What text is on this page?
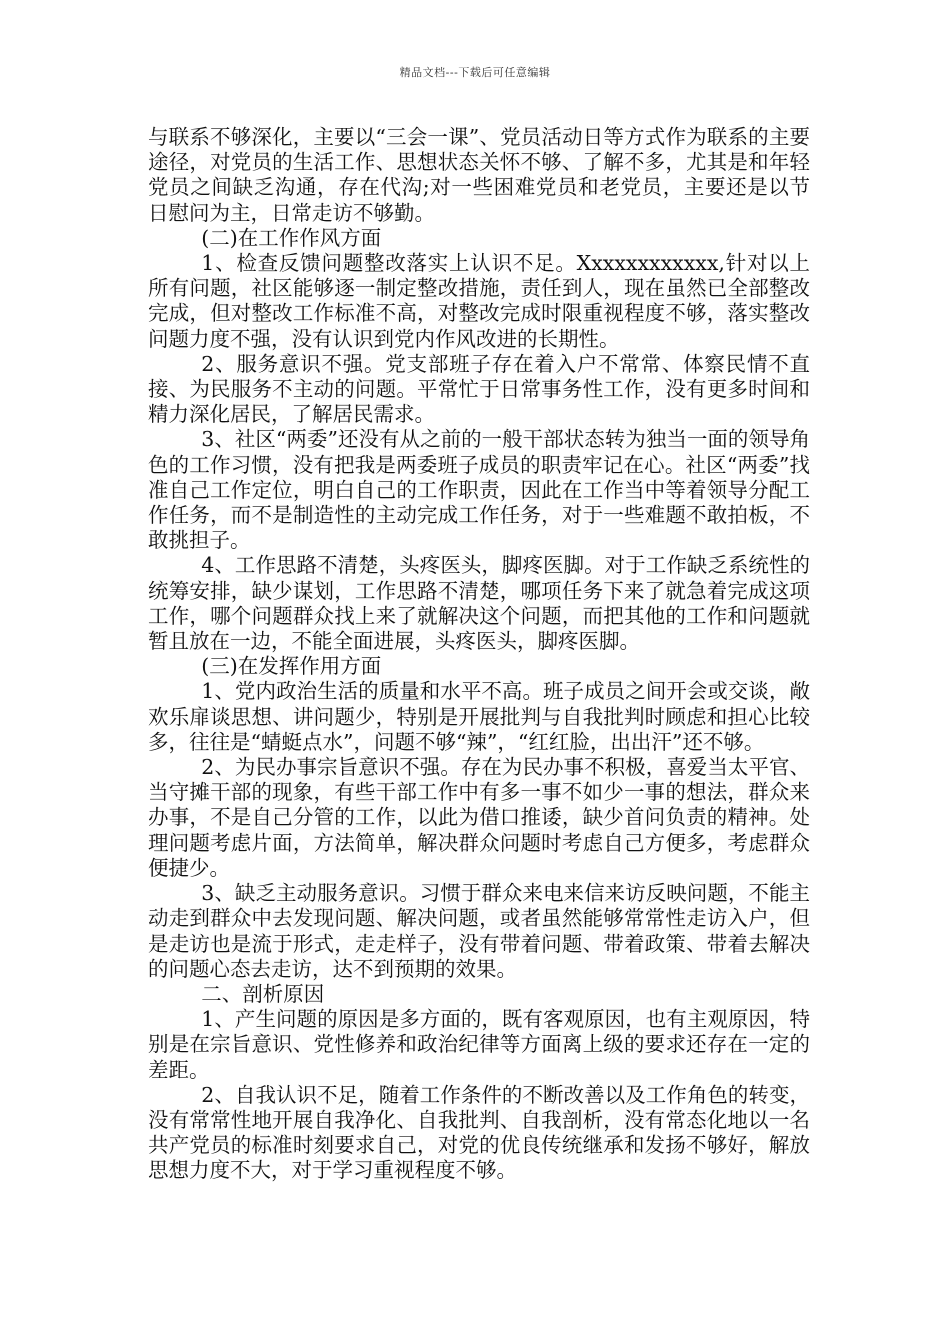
精品文档---下载后可任意编辑

与联系不够深化，主要以“三会一课”、党员活动日等方式作为联系的主要途径，对党员的生活工作、思想状态关怀不够、了解不多，尤其是和年轻党员之间缺乏沟通，存在代沟;对一些困难党员和老党员，主要还是以节日慰问为主，日常走访不够勤。

(二)在工作作风方面

1、检查反馈问题整改落实上认识不足。Xxxxxxxxxxxx,针对以上所有问题，社区能够逐一制定整改措施，责任到人，现在虽然已全部整改完成，但对整改工作标准不高，对整改完成时限重视程度不够，落实整改问题力度不强，没有认识到党内作风改进的长期性。

2、服务意识不强。党支部班子存在着入户不常常、体察民情不直接、为民服务不主动的问题。平常忙于日常事务性工作，没有更多时间和精力深化居民，了解居民需求。

3、社区“两委”还没有从之前的一般干部状态转为独当一面的领导角色的工作习惯，没有把我是两委班子成员的职责牢记在心。社区“两委”找准自己工作定位，明白自己的工作职责，因此在工作当中等着领导分配工作任务，而不是制造性的主动完成工作任务，对于一些难题不敢拍板，不敢挑担子。

4、工作思路不清楚，头疼医头，脚疼医脚。对于工作缺乏系统性的统筹安排，缺少谋划，工作思路不清楚，哪项任务下来了就急着完成这项工作，哪个问题群众找上来了就解决这个问题，而把其他的工作和问题就暂且放在一边，不能全面进展，头疼医头，脚疼医脚。

(三)在发挥作用方面

1、党内政治生活的质量和水平不高。班子成员之间开会或交谈，敞欢乐扉谈思想、讲问题少，特别是开展批判与自我批判时顾虑和担心比较多，往往是“蜻蜓点水”，问题不够“辣”，“红红脸，出出汗”还不够。

2、为民办事宗旨意识不强。存在为民办事不积极，喜爱当太平官、当守摊干部的现象，有些干部工作中有多一事不如少一事的想法，群众来办事，不是自己分管的工作，以此为借口推诿，缺少首问负责的精神。处理问题考虑片面，方法简单，解决群众问题时考虑自己方便多，考虑群众便捷少。

3、缺乏主动服务意识。习惯于群众来电来信来访反映问题，不能主动走到群众中去发现问题、解决问题，或者虽然能够常常性走访入户，但是走访也是流于形式，走走样子，没有带着问题、带着政策、带着去解决的问题心态去走访，达不到预期的效果。

二、剖析原因

1、产生问题的原因是多方面的，既有客观原因，也有主观原因，特别是在宗旨意识、党性修养和政治纪律等方面离上级的要求还存在一定的差距。

2、自我认识不足，随着工作条件的不断改善以及工作角色的转变，没有常常性地开展自我净化、自我批判、自我剖析，没有常态化地以一名共产党员的标准时刻要求自己，对党的优良传统继承和发扬不够好，解放思想力度不大，对于学习重视程度不够。
